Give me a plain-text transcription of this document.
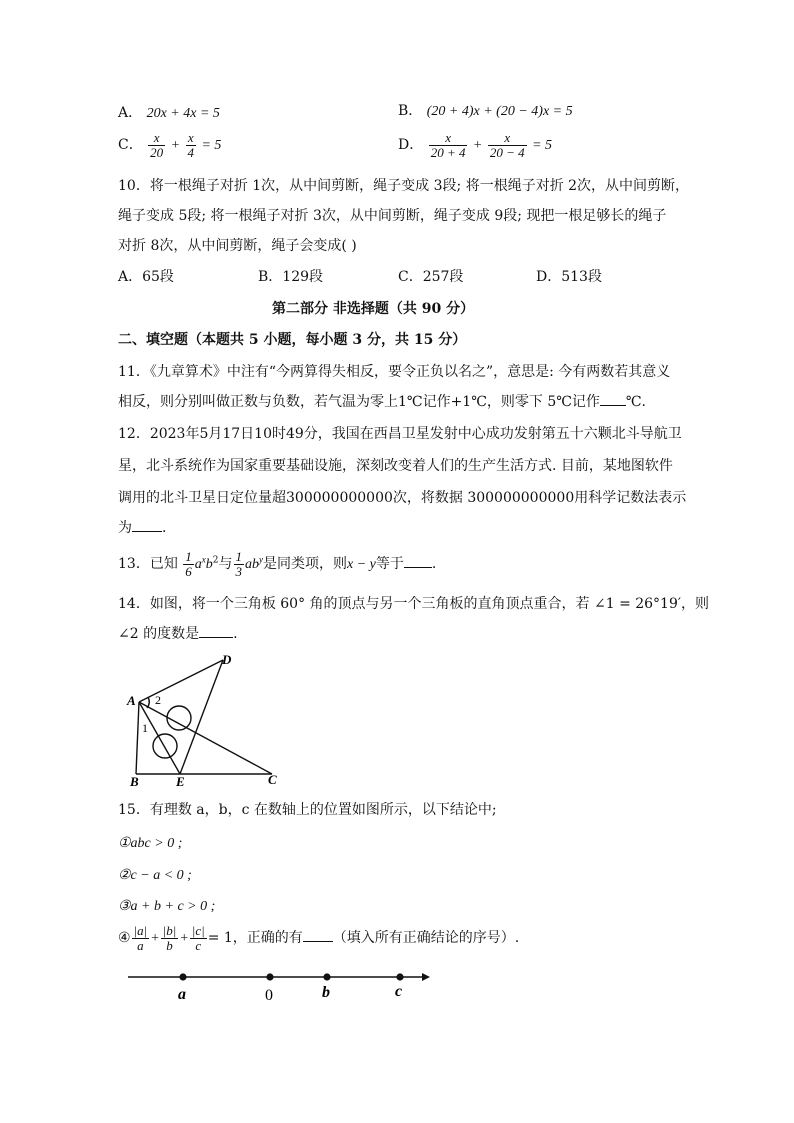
A． 20x + 4x = 5	B． (20 + 4)x + (20 − 4)x = 5
C． $\frac{x}{20} + \frac{x}{4} = 5$	D． $\frac{x}{20 + 4} + \frac{x}{20 - 4} = 5$
10．将一根绳子对折 1次，从中间剪断，绳子变成 3段; 将一根绳子对折 2次，从中间剪断，
绳子变成 5段; 将一根绳子对折 3次，从中间剪断，绳子变成 9段; 现把一根足够长的绳子
对折 8次，从中间剪断，绳子会变成( )
A．65段	B．129段	C．257段	D．513段
第二部分 非选择题（共 90 分）
二、填空题（本题共 5 小题，每小题 3 分，共 15 分）
11．《九章算术》中注有“今两算得失相反，要令正负以名之”，意思是: 今有两数若其意义
相反，则分别叫做正数与负数，若气温为零上1℃记作+1℃，则零下 5℃记作 ℃.
12．2023年5月17日10时49分，我国在西昌卫星发射中心成功发射第五十六颗北斗导航卫
星，北斗系统作为国家重要基础设施，深刻改变着人们的生产生活方式. 目前，某地图软件
调用的北斗卫星日定位量超300000000000次，将数据 300000000000用科学记数法表示
为 .
13．已知 $\frac{1}{6} a^xb^2$与 $\frac{1}{3} ab^y$是同类项，则x − y等于 .
14．如图，将一个三角板 60° 角的顶点与另一个三角板的直角顶点重合，若 ∠1 = 26°19′，则
∠2 的度数是 .
A
B	C
D
E
1
2
15．有理数 a，b，c 在数轴上的位置如图所示，以下结论中;
①abc > 0 ;
②c − a < 0 ;
③a + b + c > 0 ;
④ $\frac{|a|}{a} + \frac{|b|}{b} + \frac{|c|}{c} = 1$，正确的有 （填入所有正确结论的序号）.
a	0	b	c
